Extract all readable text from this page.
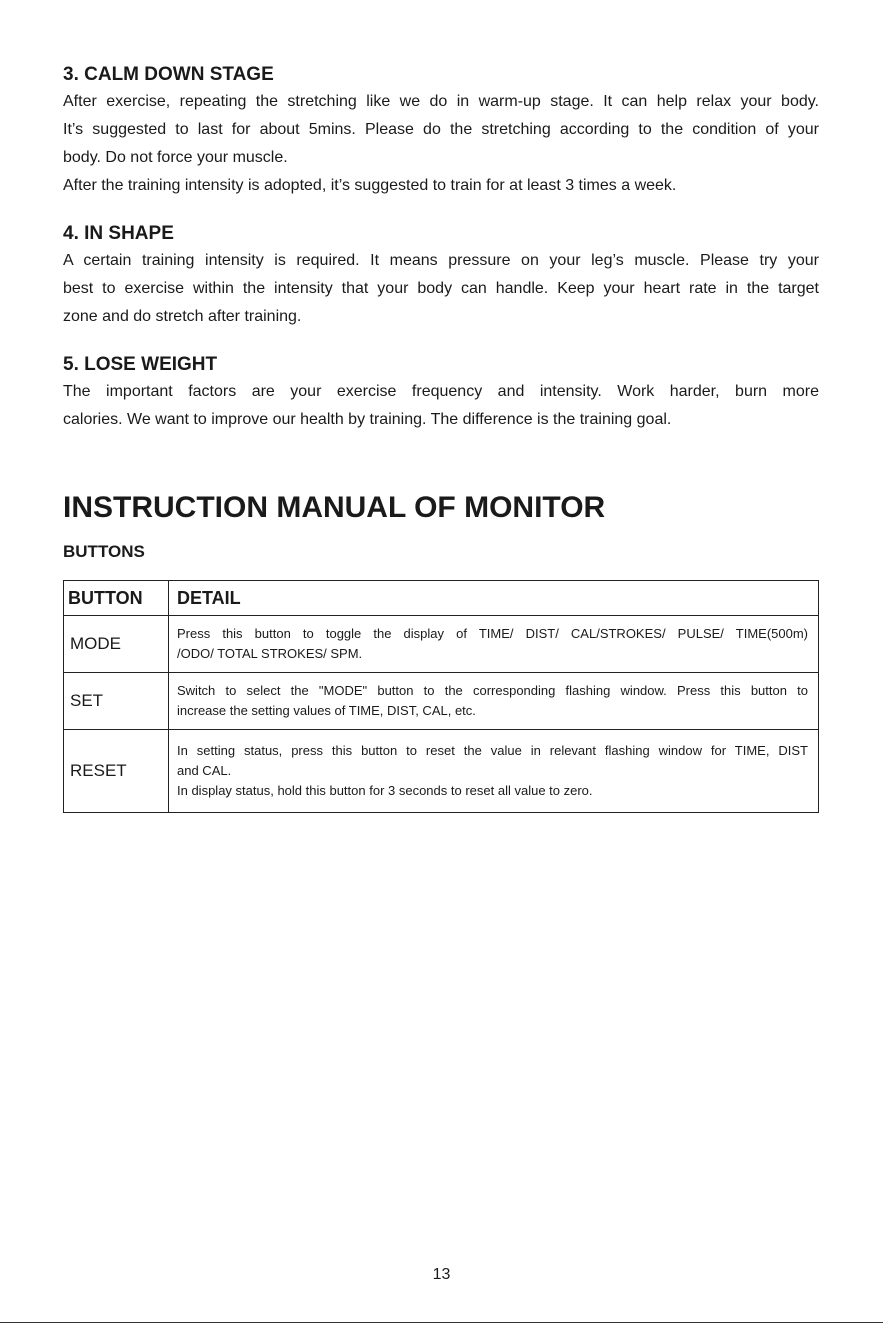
3. CALM DOWN STAGE

After exercise, repeating the stretching like we do in warm-up stage. It can help relax your body.

It’s suggested to last for about 5mins. Please do the stretching according to the condition of your

body. Do not force your muscle.

After the training intensity is adopted, it’s suggested to train for at least 3 times a week.

4. IN SHAPE

A certain training intensity is required. It means pressure on your leg’s muscle. Please try your

best to exercise within the intensity that your body can handle. Keep your heart rate in the target

zone and do stretch after training.

5. LOSE WEIGHT

The important factors are your exercise frequency and intensity. Work harder, burn more

calories. We want to improve our health by training. The difference is the training goal.

INSTRUCTION MANUAL OF MONITOR

BUTTONS

BUTTON	DETAIL
MODE	Press this button to toggle the display of TIME/ DIST/ CAL/STROKES/ PULSE/ TIME(500m)
/ODO/ TOTAL STROKES/ SPM.

SET	Switch to select the "MODE" button to the corresponding flashing window. Press this button to
increase the setting values of TIME, DIST, CAL, etc.

RESET	In setting status, press this button to reset the value in relevant flashing window for TIME, DIST
and CAL.
In display status, hold this button for 3 seconds to reset all value to zero.
13
